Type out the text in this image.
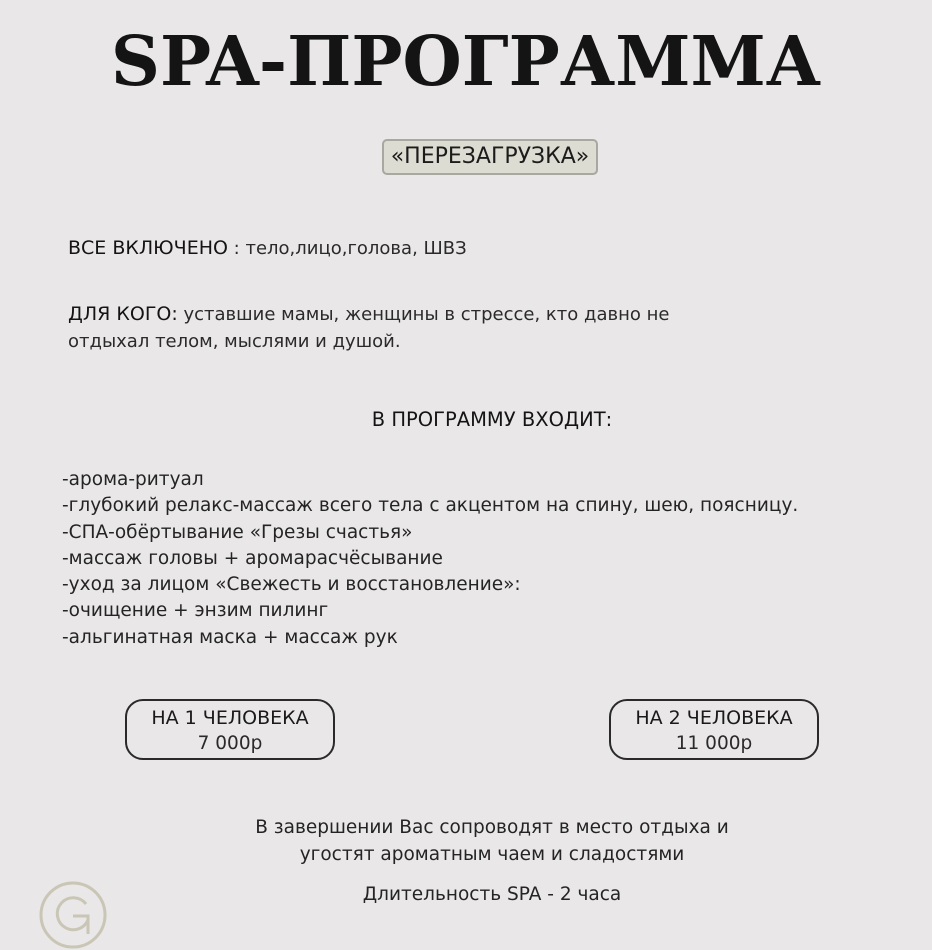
SPA-ПРОГРАММА
«ПЕРЕЗАГРУЗКА»
ВСЕ ВКЛЮЧЕНО : тело,лицо,голова, ШВЗ
ДЛЯ КОГО: уставшие мамы, женщины в стрессе, кто давно не
отдыхал телом, мыслями и душой.
В ПРОГРАММУ ВХОДИТ:
-арома-ритуал
-глубокий релакс-массаж всего тела с акцентом на спину, шею, поясницу.
-СПА-обёртывание «Грезы счастья»
-массаж головы + аромарасчёсывание
-уход за лицом «Свежесть и восстановление»:
-очищение + энзим пилинг
-альгинатная маска + массаж рук
НА 1 ЧЕЛОВЕКА
7 000р
НА 2 ЧЕЛОВЕКА
11 000р
В завершении Вас сопроводят в место отдыха и
угостят ароматным чаем и сладостями
Длительность SPA - 2 часа
